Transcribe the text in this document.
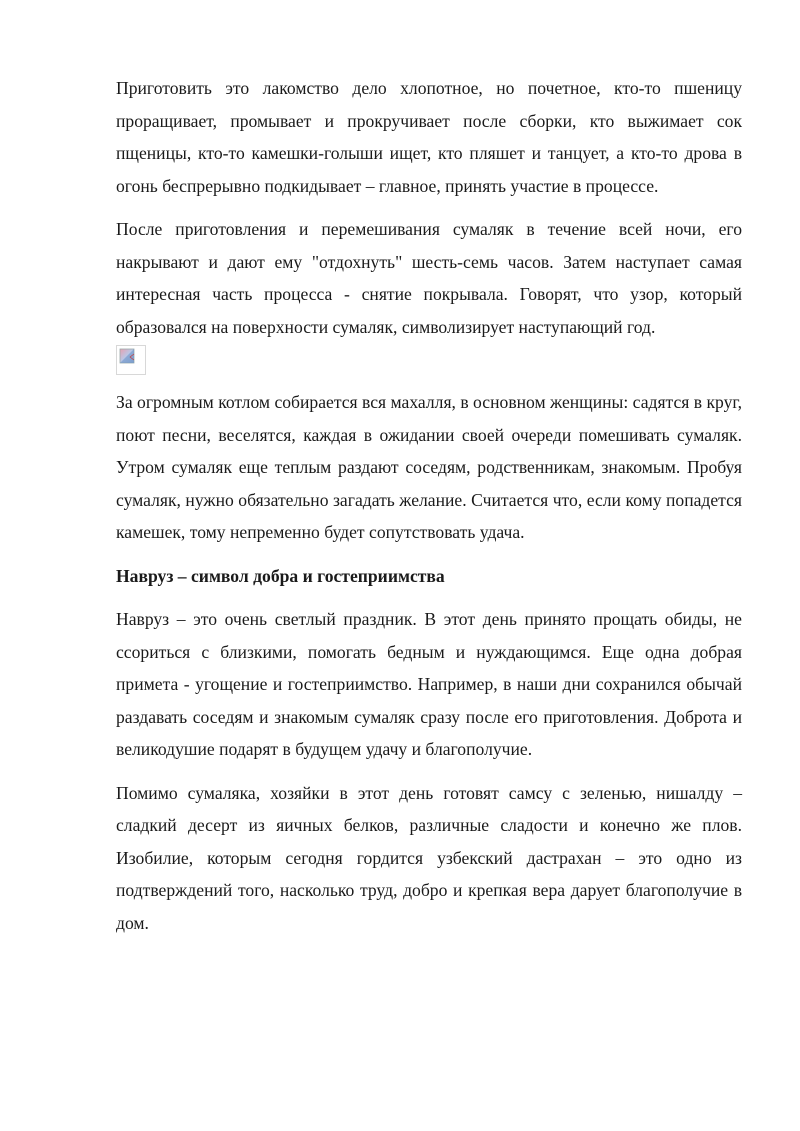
Приготовить это лакомство дело хлопотное, но почетное, кто-то пшеницу проращивает, промывает и прокручивает после сборки, кто выжимает сок пщеницы, кто-то камешки-голыши ищет, кто пляшет и танцует, а кто-то дрова в огонь беспрерывно подкидывает – главное, принять участие в процессе.

После приготовления и перемешивания сумаляк в течение всей ночи, его накрывают и дают ему "отдохнуть" шесть-семь часов. Затем наступает самая интересная часть процесса - снятие покрывала. Говорят, что узор, который образовался на поверхности сумаляк, символизирует наступающий год.

За огромным котлом собирается вся махалля, в основном женщины: садятся в круг, поют песни, веселятся, каждая в ожидании своей очереди помешивать сумаляк. Утром сумаляк еще теплым раздают соседям, родственникам, знакомым. Пробуя сумаляк, нужно обязательно загадать желание. Считается что, если кому попадется камешек, тому непременно будет сопутствовать удача.

Навруз – символ добра и гостеприимства

Навруз – это очень светлый праздник. В этот день принято прощать обиды, не ссориться с близкими, помогать бедным и нуждающимся. Еще одна добрая примета - угощение и гостеприимство. Например, в наши дни сохранился обычай раздавать соседям и знакомым сумаляк сразу после его приготовления. Доброта и великодушие подарят в будущем удачу и благополучие.

Помимо сумаляка, хозяйки в этот день готовят самсу с зеленью, нишалду – сладкий десерт из яичных белков, различные сладости и конечно же плов. Изобилие, которым сегодня гордится узбекский дастрахан – это одно из подтверждений того, насколько труд, добро и крепкая вера дарует благополучие в дом.
